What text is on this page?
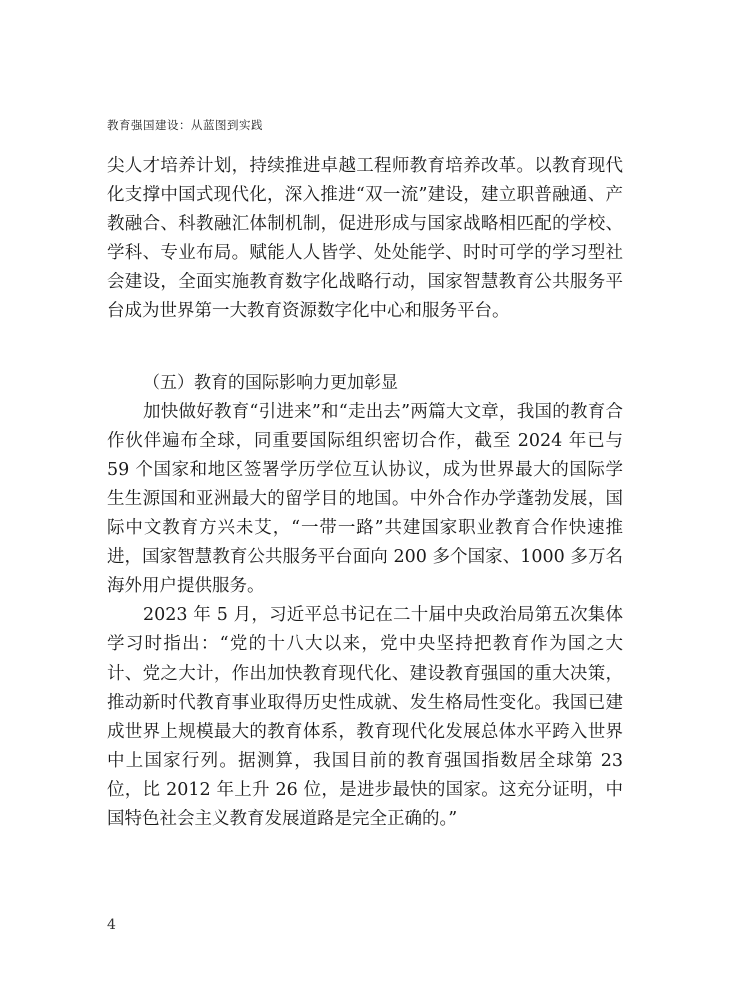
教育强国建设：从蓝图到实践

尖人才培养计划，持续推进卓越工程师教育培养改革。以教育现代化支撑中国式现代化，深入推进“双一流”建设，建立职普融通、产教融合、科教融汇体制机制，促进形成与国家战略相匹配的学校、学科、专业布局。赋能人人皆学、处处能学、时时可学的学习型社会建设，全面实施教育数字化战略行动，国家智慧教育公共服务平台成为世界第一大教育资源数字化中心和服务平台。

（五）教育的国际影响力更加彰显

加快做好教育“引进来”和“走出去”两篇大文章，我国的教育合作伙伴遍布全球，同重要国际组织密切合作，截至 2024 年已与 59 个国家和地区签署学历学位互认协议，成为世界最大的国际学生生源国和亚洲最大的留学目的地国。中外合作办学蓬勃发展，国际中文教育方兴未艾，“一带一路”共建国家职业教育合作快速推进，国家智慧教育公共服务平台面向 200 多个国家、1000 多万名海外用户提供服务。

2023 年 5 月，习近平总书记在二十届中央政治局第五次集体学习时指出：“党的十八大以来，党中央坚持把教育作为国之大计、党之大计，作出加快教育现代化、建设教育强国的重大决策，推动新时代教育事业取得历史性成就、发生格局性变化。我国已建成世界上规模最大的教育体系，教育现代化发展总体水平跨入世界中上国家行列。据测算，我国目前的教育强国指数居全球第 23 位，比 2012 年上升 26 位，是进步最快的国家。这充分证明，中国特色社会主义教育发展道路是完全正确的。”

4
